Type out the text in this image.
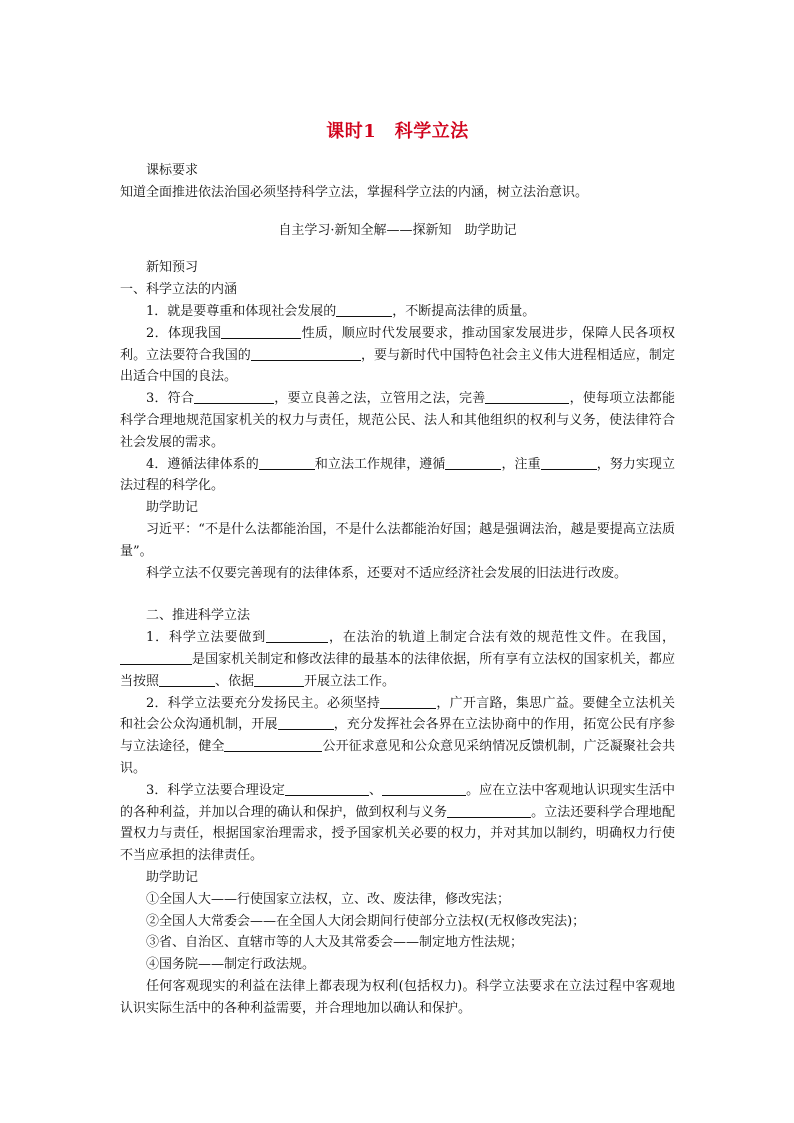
课时1　科学立法

课标要求

知道全面推进依法治国必须坚持科学立法，掌握科学立法的内涵，树立法治意识。

自主学习·新知全解——探新知　助学助记

新知预习

一、科学立法的内涵

1．就是要尊重和体现社会发展的	，不断提高法律的质量。

2．体现我国	性质，顺应时代发展要求，推动国家发展进步，保障人民各项权利。立法要符合我国的	，要与新时代中国特色社会主义伟大进程相适应，制定出适合中国的良法。

3．符合	，要立良善之法，立管用之法，完善	，使每项立法都能科学合理地规范国家机关的权力与责任，规范公民、法人和其他组织的权利与义务，使法律符合社会发展的需求。

4．遵循法律体系的	和立法工作规律，遵循	，注重	，努力实现立法过程的科学化。

助学助记

习近平：“不是什么法都能治国，不是什么法都能治好国；越是强调法治，越是要提高立法质量”。

科学立法不仅要完善现有的法律体系，还要对不适应经济社会发展的旧法进行改废。

二、推进科学立法

1．科学立法要做到	，在法治的轨道上制定合法有效的规范性文件。在我国，是国家机关制定和修改法律的最基本的法律依据，所有享有立法权的国家机关，都应当按照	、依据	开展立法工作。

2．科学立法要充分发扬民主。必须坚持	，广开言路，集思广益。要健全立法机关和社会公众沟通机制，开展	，充分发挥社会各界在立法协商中的作用，拓宽公民有序参与立法途径，健全	公开征求意见和公众意见采纳情况反馈机制，广泛凝聚社会共识。

3．科学立法要合理设定	、	。应在立法中客观地认识现实生活中的各种利益，并加以合理的确认和保护，做到权利与义务	。立法还要科学合理地配置权力与责任，根据国家治理需求，授予国家机关必要的权力，并对其加以制约，明确权力行使不当应承担的法律责任。

助学助记

①全国人大——行使国家立法权，立、改、废法律，修改宪法；

②全国人大常委会——在全国人大闭会期间行使部分立法权(无权修改宪法)；

③省、自治区、直辖市等的人大及其常委会——制定地方性法规；

④国务院——制定行政法规。

任何客观现实的利益在法律上都表现为权利(包括权力)。科学立法要求在立法过程中客观地认识实际生活中的各种利益需要，并合理地加以确认和保护。
